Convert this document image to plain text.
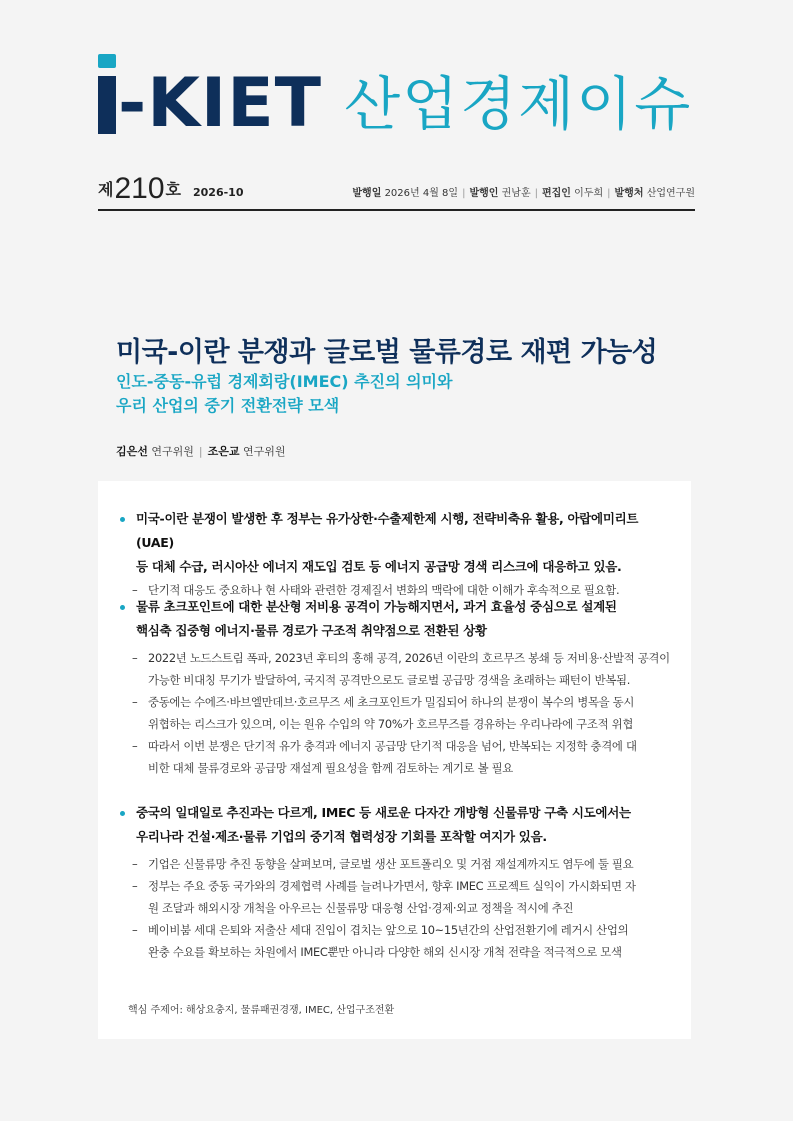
-KIET 산업경제이슈
제 210 호 2026-10	발행일 2026년 4월 8일 | 발행인 권남훈 | 편집인 이두희 | 발행처 산업연구원
미국-이란 분쟁과 글로벌 물류경로 재편 가능성
인도-중동-유럽 경제회랑(IMEC) 추진의 의미와
우리 산업의 중기 전환전략 모색
김은선 연구위원 | 조은교 연구위원
미국-이란 분쟁이 발생한 후 정부는 유가상한·수출제한제 시행, 전략비축유 활용, 아랍에미리트(UAE)
등 대체 수급, 러시아산 에너지 재도입 검토 등 에너지 공급망 경색 리스크에 대응하고 있음.
– 단기적 대응도 중요하나 현 사태와 관련한 경제질서 변화의 맥락에 대한 이해가 후속적으로 필요함.
물류 초크포인트에 대한 분산형 저비용 공격이 가능해지면서, 과거 효율성 중심으로 설계된
핵심축 집중형 에너지·물류 경로가 구조적 취약점으로 전환된 상황
– 2022년 노드스트림 폭파, 2023년 후티의 홍해 공격, 2026년 이란의 호르무즈 봉쇄 등 저비용·산발적 공격이
가능한 비대칭 무기가 발달하여, 국지적 공격만으로도 글로벌 공급망 경색을 초래하는 패턴이 반복됨.
– 중동에는 수에즈·바브엘만데브·호르무즈 세 초크포인트가 밀집되어 하나의 분쟁이 복수의 병목을 동시
위협하는 리스크가 있으며, 이는 원유 수입의 약 70%가 호르무즈를 경유하는 우리나라에 구조적 위협
– 따라서 이번 분쟁은 단기적 유가 충격과 에너지 공급망 단기적 대응을 넘어, 반복되는 지정학 충격에 대
비한 대체 물류경로와 공급망 재설계 필요성을 함께 검토하는 계기로 볼 필요
중국의 일대일로 추진과는 다르게, IMEC 등 새로운 다자간 개방형 신물류망 구축 시도에서는
우리나라 건설·제조·물류 기업의 중기적 협력성장 기회를 포착할 여지가 있음.
– 기업은 신물류망 추진 동향을 살펴보며, 글로벌 생산 포트폴리오 및 거점 재설계까지도 염두에 둘 필요
– 정부는 주요 중동 국가와의 경제협력 사례를 늘려나가면서, 향후 IMEC 프로젝트 실익이 가시화되면 자
원 조달과 해외시장 개척을 아우르는 신물류망 대응형 산업·경제·외교 정책을 적시에 추진
– 베이비붐 세대 은퇴와 저출산 세대 진입이 겹치는 앞으로 10~15년간의 산업전환기에 레거시 산업의
완충 수요를 확보하는 차원에서 IMEC뿐만 아니라 다양한 해외 신시장 개척 전략을 적극적으로 모색
핵심 주제어: 해상요충지, 물류패권경쟁, IMEC, 산업구조전환
